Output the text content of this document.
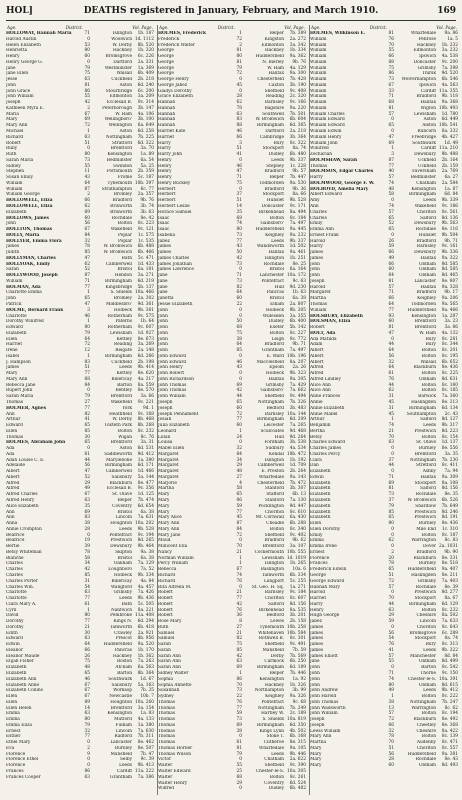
HOL]	DEATHS registered in January, February, and March 1910.	169
Age.	District.	Vol. Page.
HOLLOWAY, Hannah Maria	71	Islington	1b. 187
Harold Austin	0	Woolwich 1d. 1112
Helen Elizabeth	53	W. Derby	8b. 520
Henrietta	80	Hackney	1b. 320
Henry	60	Bromsgrove	6c. 226
Henry George G.	0	Dartford	2a. 331
Jane	79	Westminster	1a. 369
Jane Ellen	75	Walsall	6b. 409
Jesse	63	Cuckfield	2b. 218
John	81	Aston	6d. 240
John Grace	86	Stourbridge	6c. 200
John William	55	Edmonton	3a. 209
Joseph	42	Ecclesall B.	9c. 314
Kathleen Myra E.	2	Peterborough	3b. 147
Maria	67	W. Ham	4a. 106
Mary	69	Wellingboro'	3b. 100
Mary Ann	72	Wellington	6a. 649
Michael	1	Aston	6d. 258
Richard	63	Nottingham	7b. 225
Robert	51	Stratford	6d. 322
Ruby	0	Brentford	3a. 70
Ruth	80	Kensington	1a. 89
Sarah Maria	73	Bedminster	6a. 54
Sidney	55	Swindon	5a. 25
Stephen	11	Portsmouth	2b. 359
Susan Emily	43	Frome	5c. 187
William	64	Tynemouth 10b. 397
William	87	Strathampton	6c. 77
William George	2	Bromley	2a. 357
HOLLOWELL, Eliza	66	Bradford	9b. 76
HOLLOWELL, Eliza	62	Brixworth	3b. 74
Elizabeth	69	Brixworth	3b. 63
HOLLOWS, James	60	Rochdale	8e. 42
John	56	Bolton	8c. 223
HOLLTON, Thomas	67	Wakefield	9c. 121
HOLLY, Maria	84	Poplar	1c. 575
HOLLYER, Emma Flora	32	Poplar	1c. 535
James	78	W. Bromwich	6b. 488
Judith	85	W. Bromwich	6b. 466
HOLLYMAN, Charles	47	Bath	5c. 471
HOLLYOAK, Emily	62	Camberwell	1d. 433
Sarah	52	Bristol	6a. 181
HOLLYWOOD, Joseph	87	Hendon	3a. 271
William	71	Birmingham	6d. 219
HOLMAN, Ada	77	Kingsbridge	5b. 137
Charlotte Emma	1	S. Shields 10a. 466
John	65	Bromley	2a. 302
Patrick	47	Middlesbro'	9d. 361
HOLME, Bernard Frank	3	Holbeck	9b. 381
Charlotte	46	Rotherham	9c. 575
Dorothy Winifred	1	Paterns	1b. 64
Edward	80	Rotherham	9c. 607
Elizabeth	79	Lewisham	1d. 927
Ellen	64	Kettley	8e. 673
Harriet	72	Reading	3a. 269
Irene	12	Reigate	2a. 148
Isabel	1	Birmingham	6d. 266
J. Hampson	83	Cuckfield	2b. 198
James	51	Leeds	9b. 414
Mary	77	Kettley	8e. 620
Mary Ann	68	Billericay	4a. 317
Rebecca Jane	84	Barton	8a. 559
Rupert John	0	Bentley	8e. 570
Sarah Maria	79	Brentford	3a. 66
Thomas	27	Wakefield	9c. 221
HOLMER, Agnes	77	York	9d. 1
Ann	82	Heathfield	9c. 168
Arthur	41	W. Derby	8b. 468
Edward	65	Toxteth Park	8b. 268
Ellen	85	Bolton	8c. 232
Thomas	30	Wigan	8c. 76
HOLMES, Abraham John	65	Brentford	3a. 31
Ada	0	Aston	6d. 531
Ada	61	Saddleworth	9d. 412
Adah Louise C. E.	44	Marylebone	1a. 380
Adelaide	56	Birmingham	6d. 171
Albert	47	Camberwell	1d. 466
Albert	52	Salisbury	5a. 144
Alfred	29	Blackburn	8e. 477
Alfred	49	Ecclesall B.	9c. 356
Alfred Charles	67	St. Olave	1d. 125
Alfred Henry	63	Belper	7b. 474
Alice Elizabeth	35	Coventry	6d. 654
Ann	69	Bristol	6a. 38
Ann	83	Lincoln	7a. 631
Anna	38	Houghton 10a. 202
Annie Crompton	28	Leeds	9b. 528
Beatrice	0	Pontefract	9c. 194
Beatrice	19	Prestwich	8d. 265
Bertie	39	Dewsbury	9b. 464
Betsy Whiteman	78	Skipton	9a. 38
Blanche	58	Bristol	6a. 38
Charles	34	Oakham	7a. 129
Charles	42	Loughboro	7a. 52
Charles	85	Holbeck	9b. 334
Charles Porter	31	Billericay	4a. 84
Charles Wm.	54	Wangford	4a. 457
Charlotte	63	Grimsby	7a. 426
Charlotte	77	Leeds	9b. 436
Clara Mary A.	61	Bath	5c. 505
Cyril	1	Nantwich	8a. 221
David	80	Pembroke 11a. 408
Dorothy	77	Kings N.	6d. 294
Dorothy	21	Tamworth	6b. 418
Edith	30	Crawley	2a. 921
Edward	63	Prescot	8b. 956
Edwin	64	Huddersfield	9a. 520
Eleanor	66	Pancras	1b. 170
Eleanor Maude	26	Hackney	1b. 362
Elijah Fisher	75	Boston	7a. 263
Elizabeth	48	Atcham	6a. 563
Elizabeth	65	Barton	8b. 364
Elizabeth Ann	46	Southwark	1d. 67
Elizabeth Anne	67	Salisbury	5a. 163
Elizabeth Collins	67	Worksop	7b. 35
Ellen	67	Newcastle	10b. 7
Ellen	89	Houghton 10a. 260
Ellen Helen	14	Brentford	3a. 154
Emma	63	Kensington	1a. 83
Emma	80	Mutford	4a. 133
Emma Eliza	79	Fulham	1a. 380
Ernest	32	Lincoln	7a. 630
Esther	77	Radford	7b. 311
Ethel Mary	0	Lancaster	8e. 462
Eva	2	Burnley	8e. 507
Florence	9	Mansfield	7b. 47
Florence Ethel	0	Selby	9c. 39
Florence	0	Leeds	9b. 413
Frances	86	Cardiff 11a. 222
Frances Cooper	63	Grantham	7a. 386
Age.	District.	Vol. Page.
HOLMES, Frederick	1	Belper	7b. 389
Frederick	72	Kingston	2a. 272
Frederick Walter	2	Edmonton	3a. 342
George	81	Hackney	1b. 334
George	80	Huddersfield	9a. 362
George	81	N. Bierley	9b. 76
George	79	W. Ham	4a. 129
George	72	Halifax	9a. 300
George Henry	0	Chesterfield	7b. 428
George Jabez	45	Caxton	3b. 190
Gladys Dorothy	0	Sheffield	9c. 408
Grace Elizabeth	28	Reading	2c. 320
Hannah	62	Barnsley	9c. 166
Hannah	78	Bagshire	9a. 220
Hannah	63	Southwell	7b. 501
Hannah	83	W. Bromwich	6b. 604
Hannah	88	Birmingham	6d. 365
Harriet Kate	46	Dartford	2a. 218
Harriet	66	Cambridge	3b. 364
Harry	3	Bury	8c. 322
Harry	51	Stockport	8a. 74
Harry John	41	Dudley	6b. 480
Henry	0	Leeds	9b. 337
Henry	46	Stepney	1c. 228
Henry	47	Bradford	9b. 57
Henry	71	Belper	7b. 447
Henry Buckley	75	Todmorden	9a. 530
Herbert	0	Bradford	9b. 36
Herbert	37	Stockport	8a. 66
Herbert	51	Hunslet	9b. 528
Herbert Leslie	14	Doncaster	9c. 171
Horace Samuel	35	Birkenhead	8a. 494
Isaac	68	Bolton	8c. 184
Isaac	74	Gainsboro'	7a. 497
Isaac	80	Huddersfield	9a. 445
Isabella	73	Keighley	9a. 232
Jabez	77	Leeds	9b. 337
James	43	Wandsworth	1d. 502
James	50	Halifax	9a. 461
James Charles	42	Islington	1b. 251
James Jonathan	73	Rochdale	8e. 25
James Lawrence	0	Bristol	6a. 164
Jane	71	Lanchester 10a. 172
Jane	73	Pontefract	9c. 63
Jane	82	Hull	9d. 230
Jane	64	Pancras	1b. 63
Janetta	60	Bristol	6a. 38
Jessie Elizabeth	22	Elham	2a. 807
John	0	Holbeck	9b. 305
John	0	Willesden	3a. 355
John	50	Dudley	6b. 400
John	68	Exeter	5b. 142
John	75	Bolton	8c. 227
John	38	Leigh	8c. 772
John	64	Bradford	9b. 71
John	85	Grantham	7a. 497
John Edward	0	E. Ward 10b. 196
John Edward	46	Macclesfield	8a. 207
John Henry	43	Epsom	2a. 26
John Robert	0	Holbeck	9b. 323
John Richardson	0	Halifax	9a. 305
John Thomas	69	Grimsby	7a. 429
John Thomas	42	Gainsboro'	7a. 662
John William	44	Sheffield	9c. 494
Joseph	65	Nottingham	7b. 326
Joseph	60	Bedford	3b. 483
Joseph Pennament	72	Barnsley 10a. 144
Josiah	77	Birmingham	6d. 209
Julia Elizabeth	60	Leicester	7a. 265
Leonard	1	Sculcoates	9d. 468
Lilian	24	Hull	9d. 264
Louisa	0	Fordham	3b. 538
Mabel Ellen	32	Sudbury	4a. 534
Margaret	84	Kendal 10b. 472
Margaret	34	Islington	1b. 192
Margaret	29	Camberwell	1d. 709
Margaret	48	E. Preston	2b. 264
Margaret	27	Wharfedale	9a. 143
Marjorie	4	Chesterfield	7b. 472
Martha	58	Stanford	3b. 307
Mary	65	Stafford	6b. 13
Mary	86	Stanford	7a. 130
Mary	59	Pocklington	9d. 447
Mary	77	Chorlton	8c. 610
Mary Alice	45	Mt. Cornwall	6a. 430
Mary Ann	87	Cheadle	6b. 288
Mary Ann	84	Bolton	8c. 340
Mary Jane	72	Sheffield	9c. 402
Maud	0	Bradford	9b. 62
Millicent Ella	70	Brentford	3a. 107
Nancy	21	Cockermouth 10b. 555
Norman William	1	Lewisham 1d. 1019
Percy William	1	Islington	1b. 265
Rebecca	67	Baslington	10a. 6
Richard	74	Tamworth	6b. 334
Richard	76	Langport	5c. 255
Rita Alfreda M.	0	St. Geo. H. Sq.	1a. 271
Robert	21	Barnsley	9c. 184
Robert	77	Chorlton	8c. 607
Robert	42	Salford	8d. 156
Robert	76	Birkenhead	8a. 535
Robert	36	Bedford	3b. 201
Rose Mary	8	Lewes	2b. 158
Ruth	27	Tynemouth 10b. 258
Samuel	21	Whitehaven 10b. 584
Samuel	82	Rothwell B.	8c. 301
Sarah	75	Sheffield	9c. 491
Sarah	85	Mansfield	7b. 59
Sarah Ann	42	Derby	7b. 569
Sarah Ann	63	Carmock	6b. 250
Sarah Ann	69	Birmingham	6d. 189
Sidney Walter	1	Belper	7b. 446
Sophia	86	Kensington	1a. 92
Sophia Annette	70	Hackney	1b. 326
Susannah	73	Northampton	3b. 99
Sydney	22	Keighley	9a. 326
Thomas	76	Pontefract	9c. 68
Thomas	77	Nottingham	7b. 249
Thomas	59	Hartley W.	2c. 189
Thomas	73	S. Shields 10a. 819
Thomas	69	Birmingham	6d. 350
Thomas	38	Kings Lynn	4b. 502
Thomas	0	Stoke T.	6b. 168
Thomas	61	Clitheroe	8e. 315
Thomas Horner	81	Wharfedale	9a. 105
Thomas Wilson	79	Leeds	9b. 446
Victor	0	Chatham	2a. 622
Walter	55	Sheffield	9c. 390
Walter Edward	25	Chester-le-S. 10a. 305
Walter	68	Bolton	8c. 261
Walter Henry	29	Coventry	6d. 524
Wilfred	0	Dudley	6b. 482
Age.	District.	Vol. Page.
HOLMES, Wilkinson E.	81	Wharfedale	9a. 86
William	76	Penrose	1a. 5
William	70	Hackney	1b. 232
William	55	Edmonton	3a. 232
William	66	Ipswich	4a. 538
William	88	Doncaster	9c. 200
William	75	Grimsby	7a. 398
William	86	Thirsk	9d. 520
William	73	Wolverhampton	6b. 546
William	67	Ipswich	4a. 563
William	33	Cardiff 11a. 355
William	71	Bradford	9b. 118
William	68	Halifax	9a. 368
William	81	Wigton 10b. 493
William Charles	57	Lewisham	1d. 780
William Edward	0	Aston	6d. 449
William Edward	65	Alston 10b. 541
William Edwin	0	Runcorn	8a. 332
William Henry	47	Freebridge	4b. 427
William John	69	Southwark	1d. 49
Winifred	1	Cardiff 11a. 210
Zechariah	3	Dewsbury	9b. 488
HOLMSHAW, Sarah	87	Uckfield	2b. 164
Thomas	77	Uckfield	2b. 159
HOLMSON, Edgar Charles	40	Faversham	2a. 769
Harry	57	Bedminster	6a. 27
HOLMWOOD, George F. W.	74	Chatham	2a. 584
HOLROYD, Amelia Mary	48	Kensington	1a. 87
Albert Edward	58	Birmingham	6d. 84
Amy	0	Leeds	9b. 339
Ann	74	Wakefield	9c. 186
Charles	57	Chorlton	8c. 561
Charles	65	Salford	8d. 136
Emily	52	Dewsbury	9b. 563
Emma Ann	65	Rochdale	8e. 116
Ernest Frank	0	Hunslet	9b. 504
Harold	26	Bradford	9b. 71
Harry	59	Barnsley	9c. 161
James	66	Dewsbury	9b. 336
James	49	Halifax	9a. 322
John	66	Oldham	8d. 585
John	60	Oldham	8d. 585
John	64	Oldham	8d. 465
Joseph	81	Lancaster	8e. 807
Harold	57	Halifax	9a. 328
Margaret	71	Bradford	9b. 17
Martha	66	Keighley	9a. 206
Thomas	64	Todmorden	9a. 565
William	77	Huddersfield	9a. 466
HOLSBURY, Elizabeth	93	Kensington	1a. 287
HOLSMAN, Eliza	60	Brentford	3a. 23
Robert	81	Brentford	3a. 86
HOLT, Ada	47	W. Ham	4a. 132
Ada Matilda	0	Bury	8c. 281
Adam	44	Bury	8c. 344
Albert	64	Bolton	8c. 201
Albert	56	Bolton	8c. 195
Albert	32	Walsall	6b. 652
Alfred	64	Blackburn	8e. 436
Alfred	61	Bolton	8c. 225
Alfred Lindley	76	Oldham	8d. 631
Alice Ann	44	Bolton	8c. 160
Alice Ann	62	Bolton	8c. 185
Anne Frances	31	Barwick	7a. 360
Annie	45	Haslingden	8e. 213
Annie Elizabeth	31	Birmingham	6d. 134
Annie Mabel	45	Southampton	2c. 43
Arthur	1	Salford	8d. 127
Benjamin	74	Leeds	9b. 317
Bertha	21	Prestwich	8d. 223
Betsy	70	Bolton	8c. 154
Charles Edward	63	St. Olave	1d. 137
Charles James	0	Burnley	8e. 556
Charles Percy	0	Brentford	3a. 35
Clara	37	Nottingham	7b. 230
Dan	44	Stretford	8c. 411
Elizabeth	0	Ashby	7a. 94
Edwin	71	Halifax	9a. 309
Elizabeth	69	Stockport	8a. 108
Elizabeth	81	Salford	8d. 156
Elizabeth	73	Rochdale	8e. 35
Elizabeth	37	W. Bromwich	6b. 526
Elizabeth	79	Shardlow	7b. 649
Elizabeth	85	Prestwich	8d. 246
Elizabeth	65	Prestwich	8d. 191
Ellen	80	Burnley	8e. 436
Ellen Dorothy	0	Mile End	1c. 310
Emily	0	Bolton	8c. 187
Emma	62	Warrington	8c. 83
Emma Irene	0	Dover 2a. 1031
Ernest	2	Bradford	9b. 90
Florence	20	Blackburn	8e. 331
Frances	78	Burnley	8e. 518
Frederick Edwin	65	Huddersfield	9a. 407
George	51	Haslingden	8e. 211
George Edward	72	Grimsby	7a. 403
Hannah Mary	57	Rochdale	8e. 39
Harold	0	Prestwich	8d. 277
Harriet	70	Stockport	8a. 67
Harry	44	Birmingham	6d. 129
Henry	63	Bolton	8c. 232
Hugh George	29	Cheshire	8a. 502
Jabez	59	Lincoln	7a. 633
James	0	Chorlton	8c. 643
James	56	Bromsgrove	6c. 289
James	54	Stockport	8a. 74
James	76	Bury	8c. 313
James	41	Leeds	9b. 322
James Elliott	57	Manchester	8d. 84
Jane	55	Oldham	8d. 499
John	0	Barton	8c. 542
John	71	Thorne	9c. 150
John	74	Chester-le-S. 10a. 391
John	80	Oldham	8d. 615
John Andrew	49	Leeds	9b. 412
John Harold	1	Bolton	8c. 222
John Thomas	38	Nottingham	7b. 247
John Wadsworth	13	Warrington	8c. 62
John William	57	Bolton	8c. 194
Joseph	72	Blackburn	8e. 492
Joseph	66	Cheetley	8e. 368
Lewis William	32	Cheshire	8a. 422
Mary Ann	78	Bolton	8c. 139
Martha	70	Audenby	8c. 471
Mary	51	Chorlton	8c. 557
Mary	56	Huddersfield	9a. 381
Mary	28	Rochdale	8e. 43
Mary	60	Oldham	8d. 493
